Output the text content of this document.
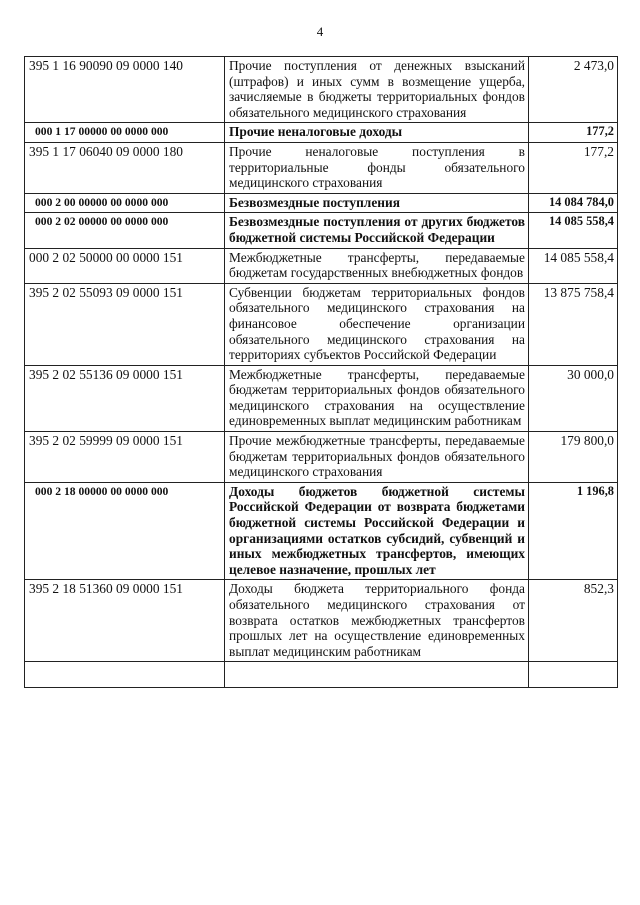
4
395 1 16 90090 09 0000 140	Прочие поступления от денежных взысканий (штрафов) и иных сумм в возмещение ущерба, зачисляемые в бюджеты территориальных фондов обязательного медицинского страхования	2 473,0
000 1 17 00000 00 0000 000	Прочие неналоговые доходы	177,2
395 1 17 06040 09 0000 180	Прочие неналоговые поступления в территориальные фонды обязательного медицинского страхования	177,2
000 2 00 00000 00 0000 000	Безвозмездные поступления	14 084 784,0
000 2 02 00000 00 0000 000	Безвозмездные поступления от других бюджетов бюджетной системы Российской Федерации	14 085 558,4
000 2 02 50000 00 0000 151	Межбюджетные трансферты, передаваемые бюджетам государственных внебюджетных фондов	14 085 558,4
395 2 02 55093 09 0000 151	Субвенции бюджетам территориальных фондов обязательного медицинского страхования на финансовое обеспечение организации обязательного медицинского страхования на территориях субъектов Российской Федерации	13 875 758,4
395 2 02 55136 09 0000 151	Межбюджетные трансферты, передаваемые бюджетам территориальных фондов обязательного медицинского страхования на осуществление единовременных выплат медицинским работникам	30 000,0
395 2 02 59999 09 0000 151	Прочие межбюджетные трансферты, передаваемые бюджетам территориальных фондов обязательного медицинского страхования	179 800,0
000 2 18 00000 00 0000 000	Доходы бюджетов бюджетной системы Российской Федерации от возврата бюджетами бюджетной системы Российской Федерации и организациями остатков субсидий, субвенций и иных межбюджетных трансфертов, имеющих целевое назначение, прошлых лет	1 196,8
395 2 18 51360 09 0000 151	Доходы бюджета территориального фонда обязательного медицинского страхования от возврата остатков межбюджетных трансфертов прошлых лет на осуществление единовременных выплат медицинским работникам	852,3
